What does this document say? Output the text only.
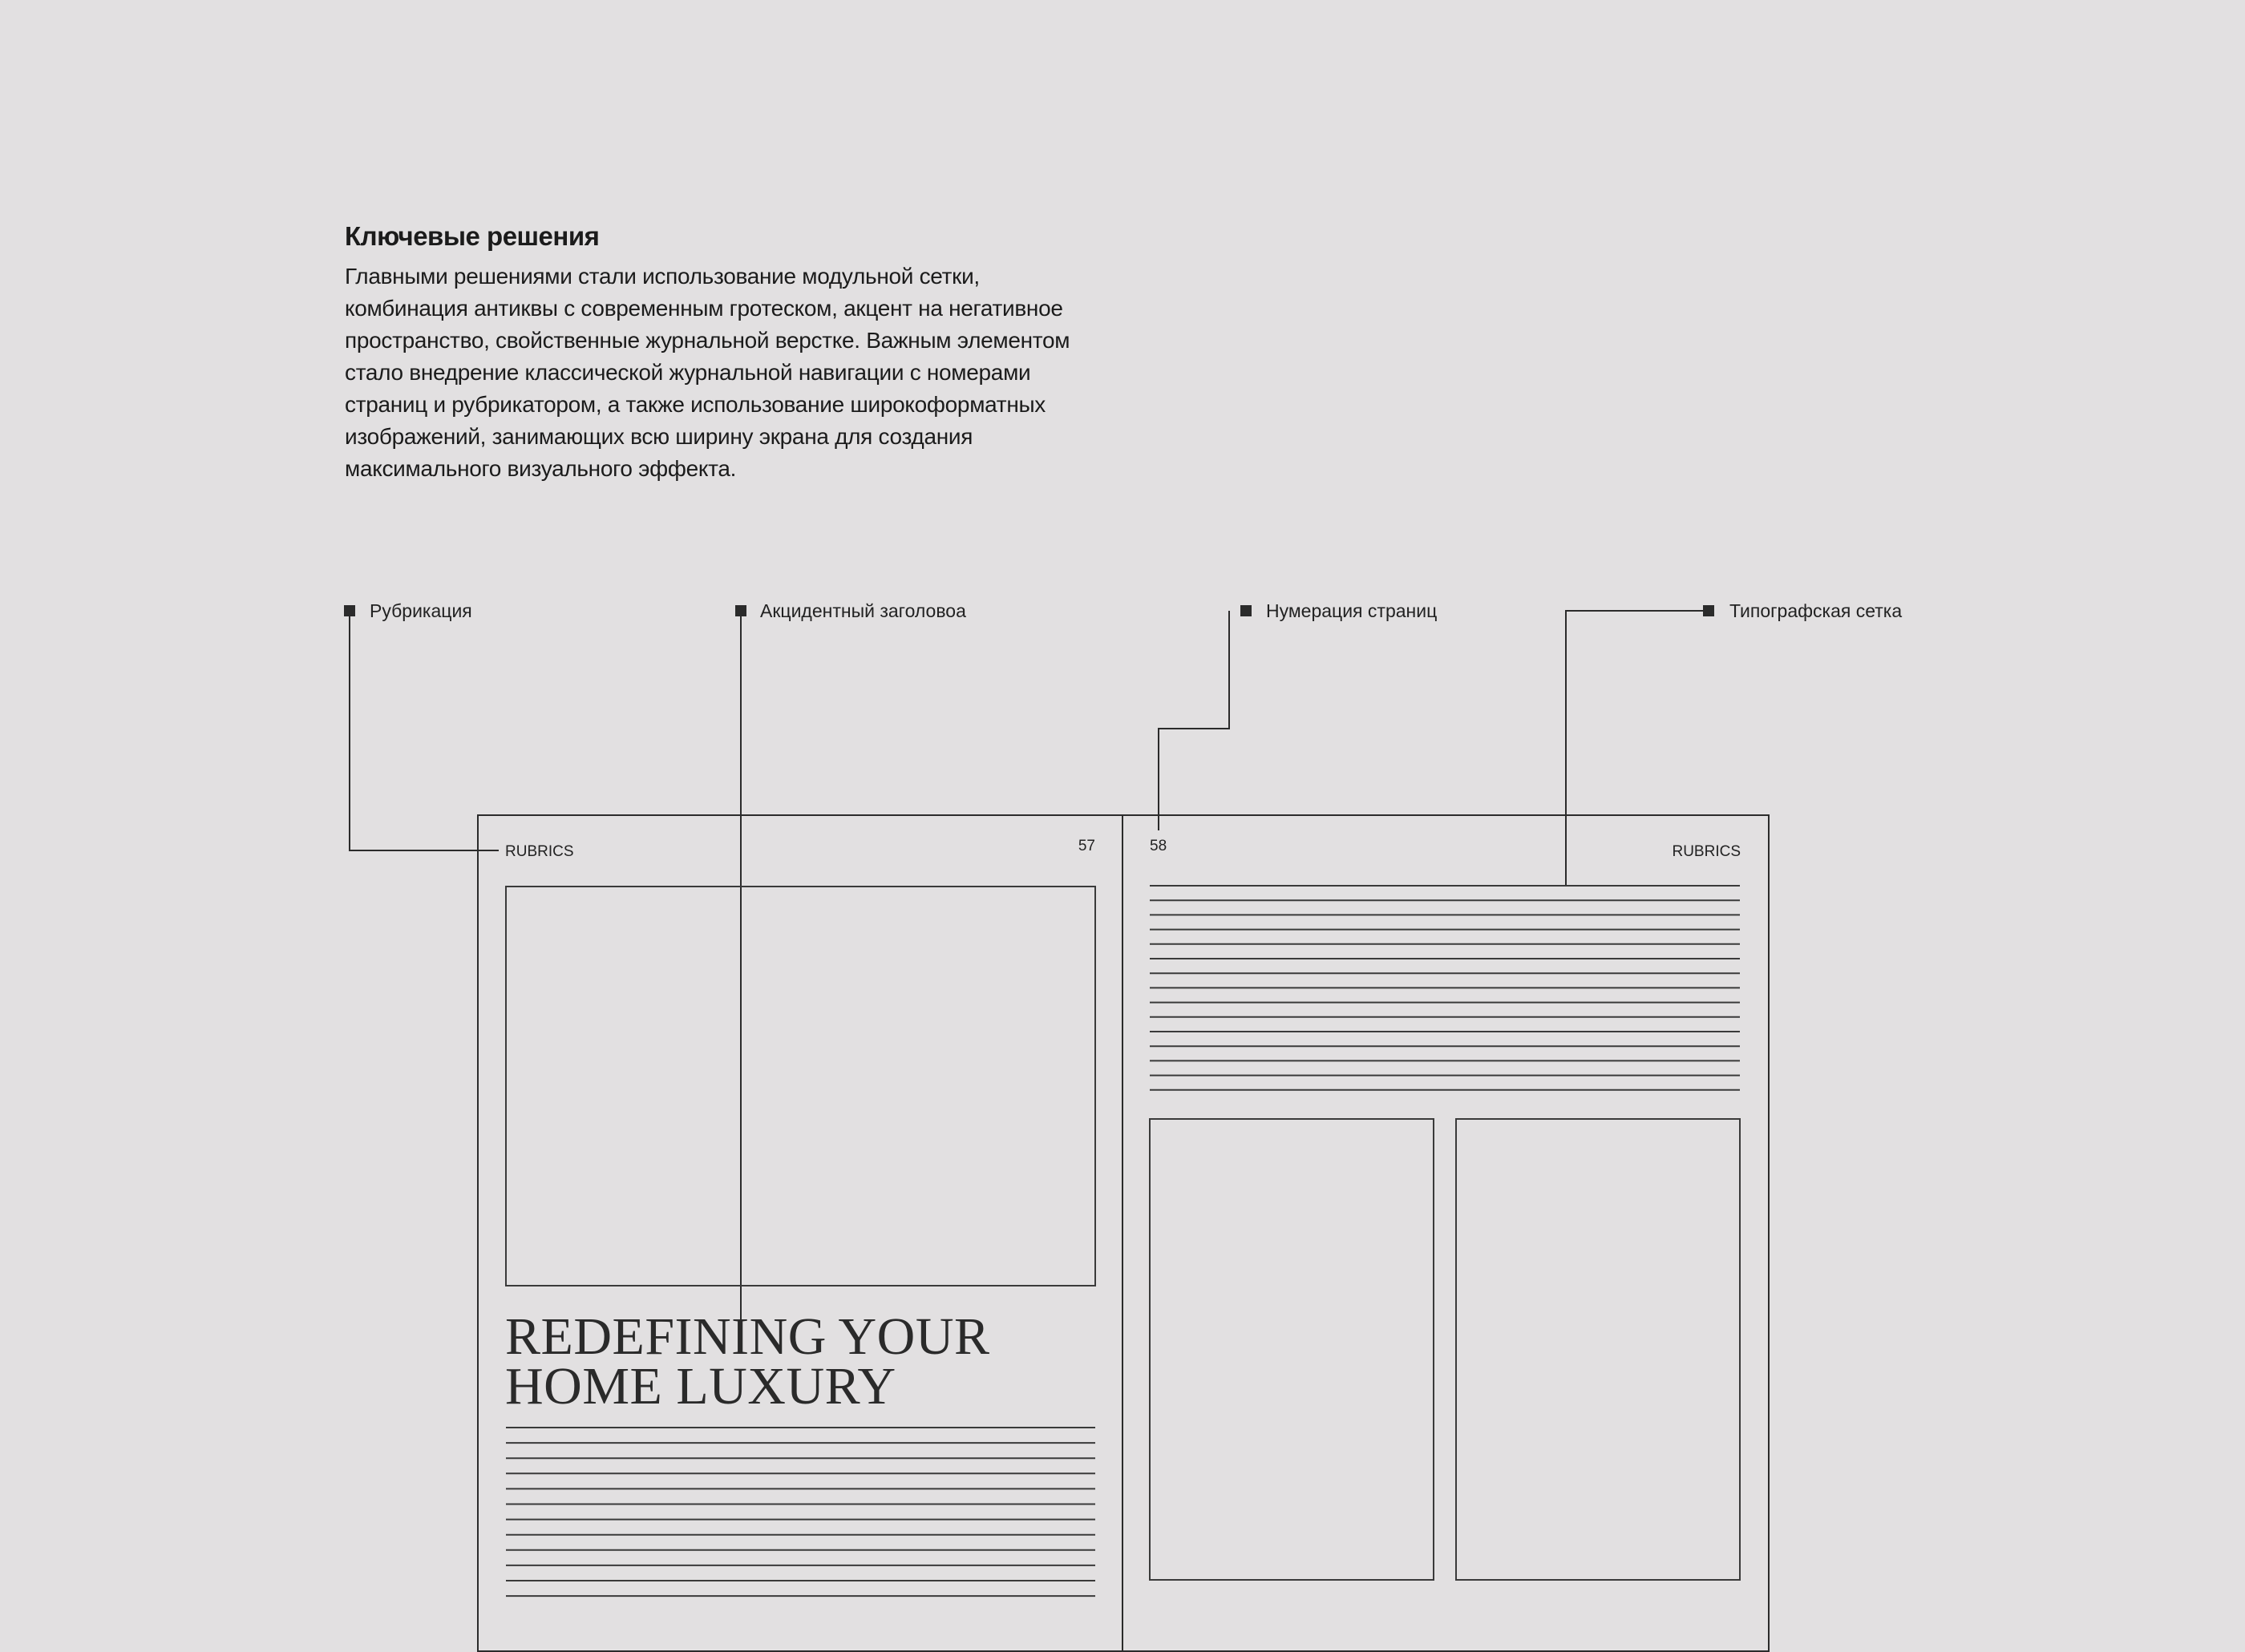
Ключевые решения

Главными решениями стали использование модульной сетки,
комбинация антиквы с современным гротеском, акцент на негативное
пространство, свойственные журнальной верстке. Важным элементом
стало внедрение классической журнальной навигации с номерами
страниц и рубрикатором, а также использование широкоформатных
изображений, занимающих всю ширину экрана для создания
максимального визуального эффекта.

Рубрикация	Акцидентный заголовоа	Нумерация страниц	Типографская сетка
RUBRICS	57
REDEFINING YOUR
HOME LUXURY
58	RUBRICS
